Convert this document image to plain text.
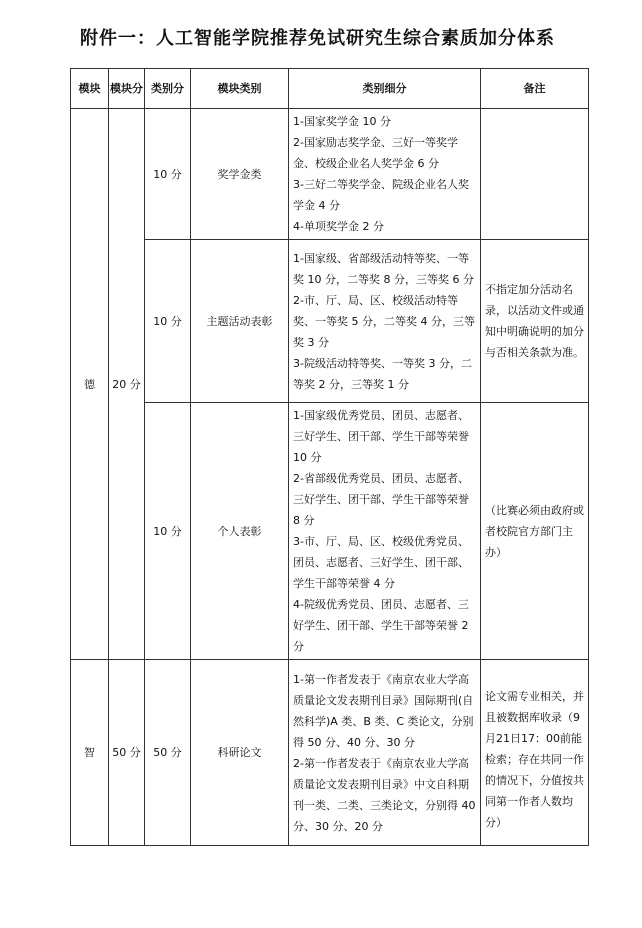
附件一：人工智能学院推荐免试研究生综合素质加分体系
模块	模块分	类别分	模块类别	类别细分	备注
德	20 分	10 分	奖学金类	1-国家奖学金 10 分
2-国家励志奖学金、三好一等奖学金、校级企业名人奖学金 6 分
3-三好二等奖学金、院级企业名人奖学金 4 分
4-单项奖学金 2 分	

		10 分	主题活动表彰	1-国家级、省部级活动特等奖、一等奖 10 分，二等奖 8 分，三等奖 6 分
2-市、厅、局、区、校级活动特等奖、一等奖 5 分，二等奖 4 分，三等奖 3 分
3-院级活动特等奖、一等奖 3 分，二等奖 2 分，三等奖 1 分	不指定加分活动名录，以活动文件或通知中明确说明的加分与否相关条款为准。
		10 分	个人表彰	1-国家级优秀党员、团员、志愿者、三好学生、团干部、学生干部等荣誉 10 分
2-省部级优秀党员、团员、志愿者、三好学生、团干部、学生干部等荣誉 8 分
3-市、厅、局、区、校级优秀党员、团员、志愿者、三好学生、团干部、学生干部等荣誉 4 分
4-院级优秀党员、团员、志愿者、三好学生、团干部、学生干部等荣誉 2 分	（比赛必须由政府或者校院官方部门主办）
智	50 分	50 分	科研论文	1-第一作者发表于《南京农业大学高质量论文发表期刊目录》国际期刊(自然科学)A 类、B 类、C 类论文，分别得 50 分、40 分、30 分
2-第一作者发表于《南京农业大学高质量论文发表期刊目录》中文自科期刊一类、二类、三类论文，分别得 40 分、30 分、20 分	论文需专业相关，并且被数据库收录（9月21日17：00前能检索；存在共同一作的情况下，分值按共同第一作者人数均分）
